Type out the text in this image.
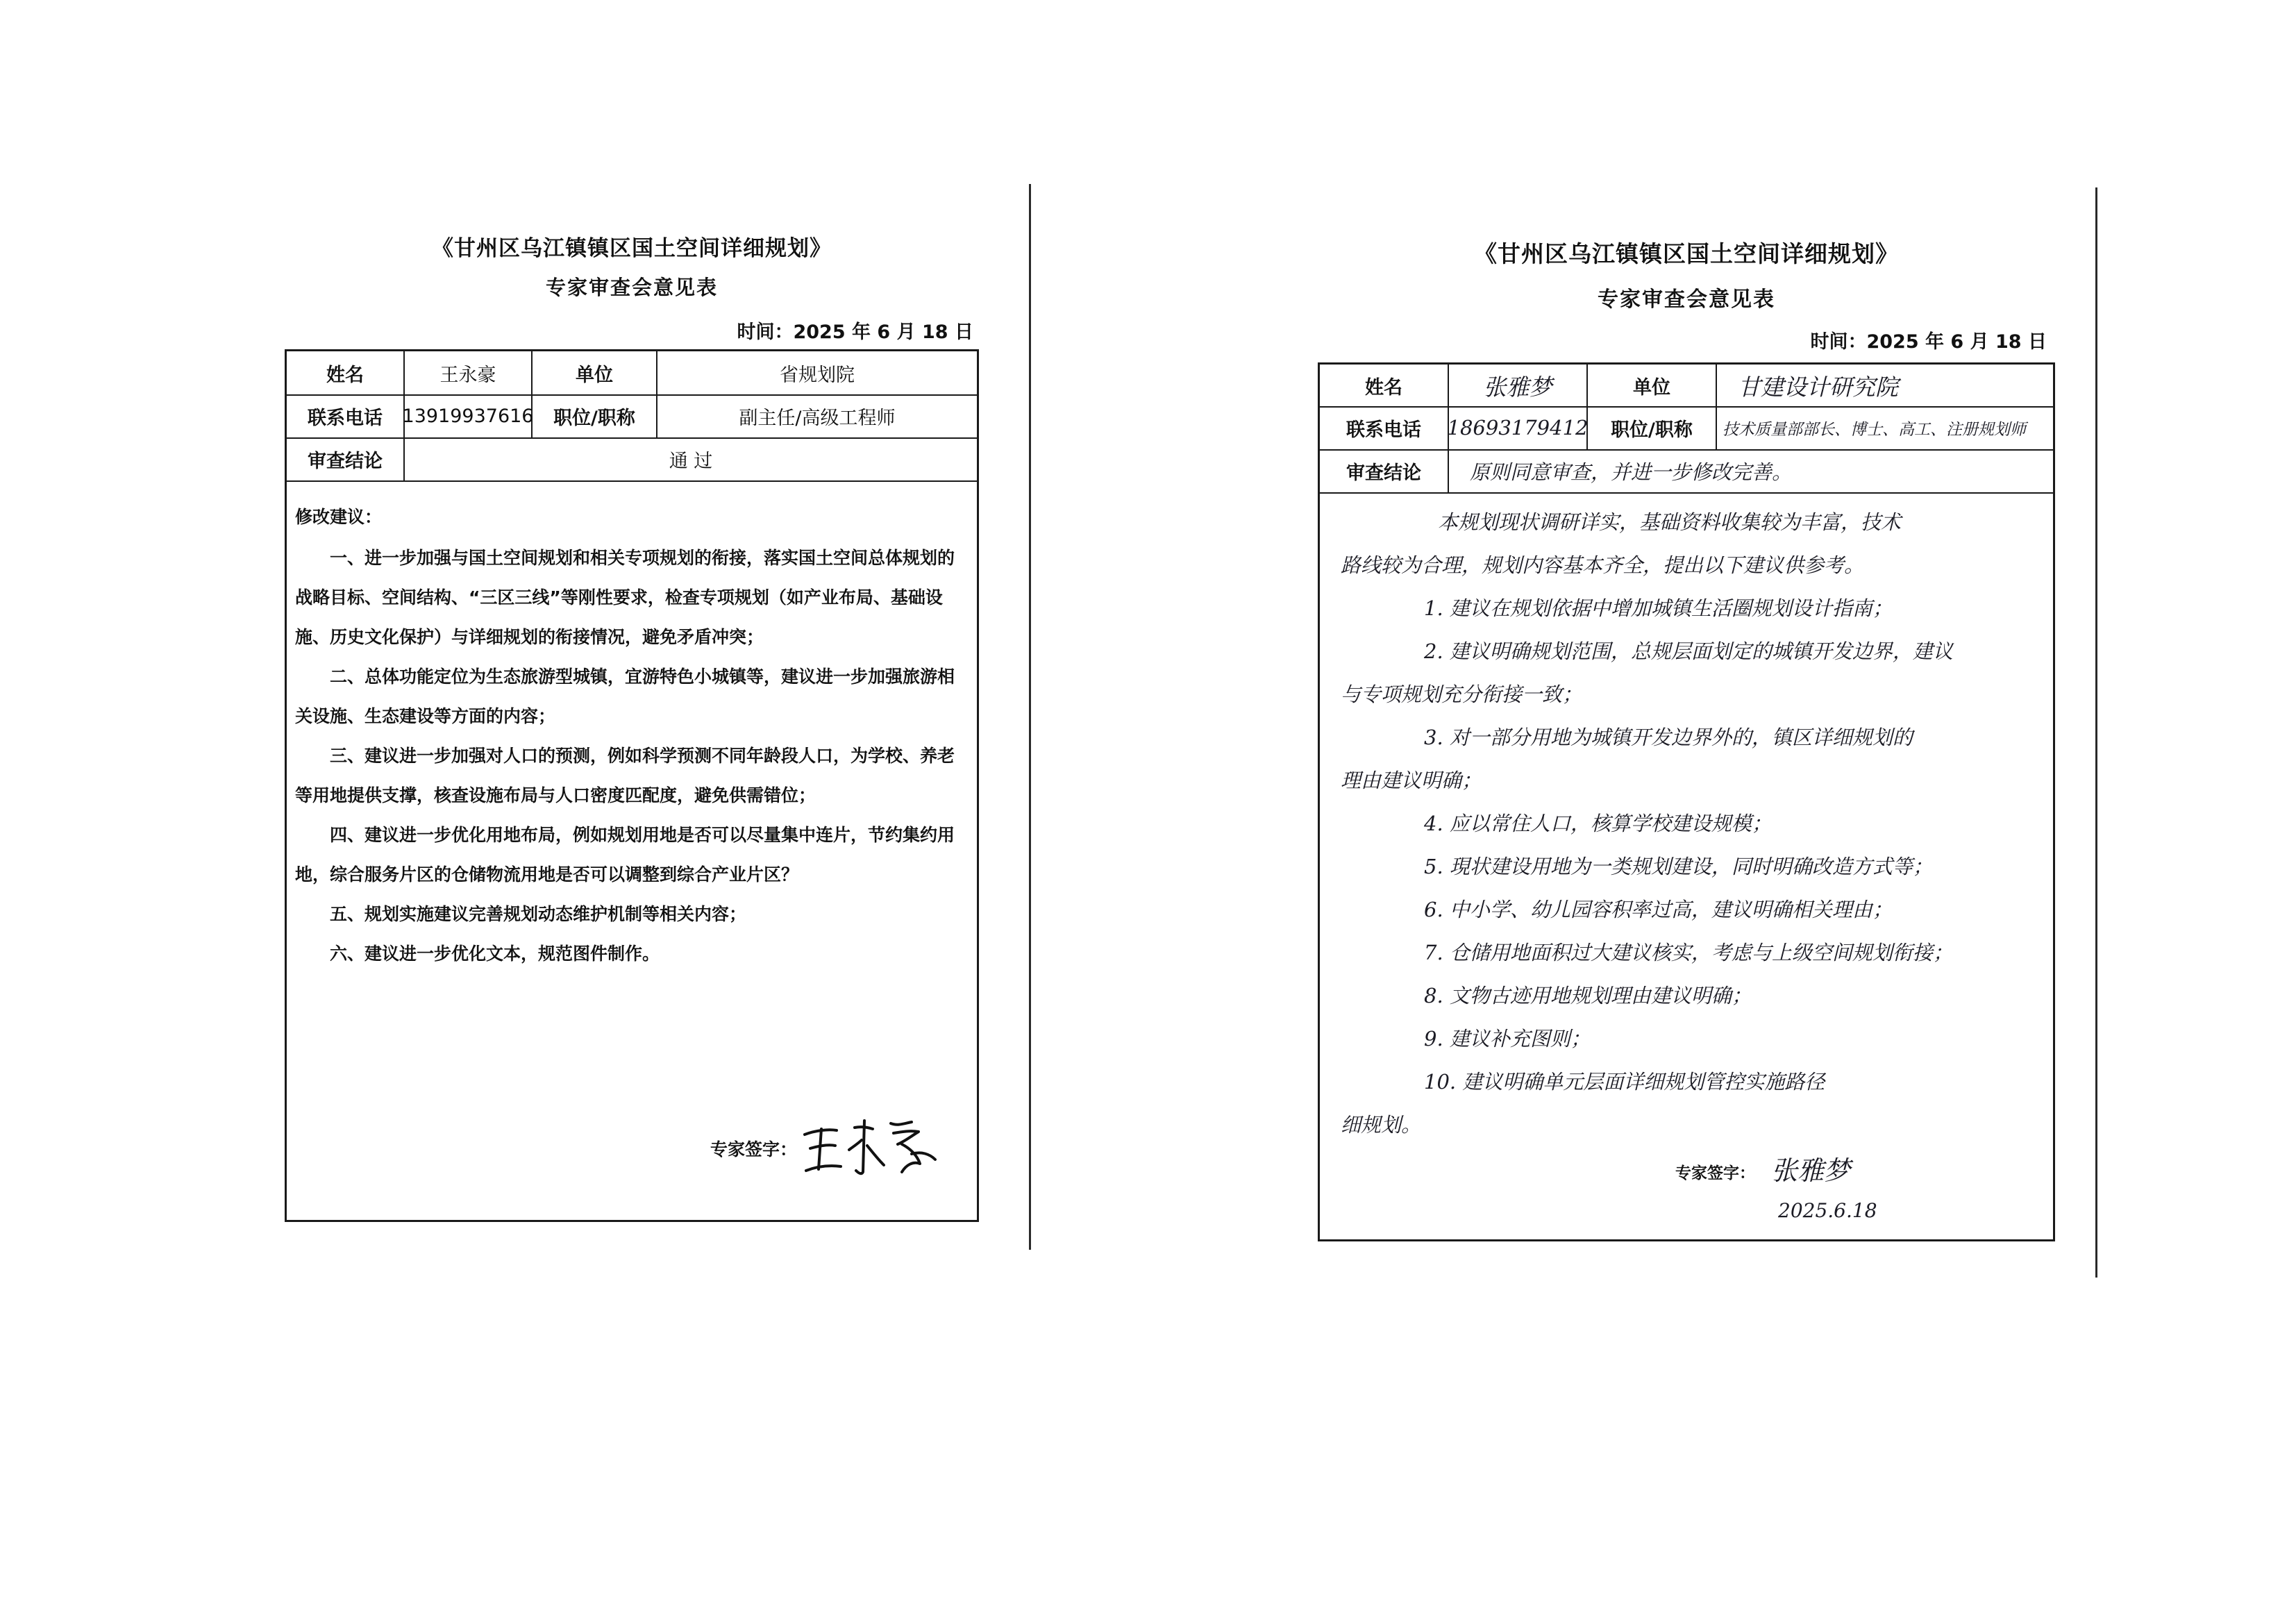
《甘州区乌江镇镇区国土空间详细规划》
专家审查会意见表
时间：2025 年 6 月 18 日
姓名	王永豪	单位	省规划院
联系电话	13919937616	职位/职称	副主任/高级工程师
审查结论	通 过

修改建议：

一、进一步加强与国土空间规划和相关专项规划的衔接，落实国土空间总体规划的战略目标、空间结构、“三区三线”等刚性要求，检查专项规划（如产业布局、基础设施、历史文化保护）与详细规划的衔接情况，避免矛盾冲突；

二、总体功能定位为生态旅游型城镇，宜游特色小城镇等，建议进一步加强旅游相关设施、生态建设等方面的内容；

三、建议进一步加强对人口的预测，例如科学预测不同年龄段人口，为学校、养老等用地提供支撑，核查设施布局与人口密度匹配度，避免供需错位；

四、建议进一步优化用地布局，例如规划用地是否可以尽量集中连片，节约集约用地，综合服务片区的仓储物流用地是否可以调整到综合产业片区？

五、规划实施建议完善规划动态维护机制等相关内容；

六、建议进一步优化文本，规范图件制作。

专家签字：
《甘州区乌江镇镇区国土空间详细规划》
专家审查会意见表
时间：2025 年 6 月 18 日
姓名	张雅梦	单位	甘建设计研究院
联系电话	18693179412	职位/职称	技术质量部部长、博士、高工、注册规划师
审查结论	原则同意审查，并进一步修改完善。

本规划现状调研详实，基础资料收集较为丰富，技术

路线较为合理，规划内容基本齐全，提出以下建议供参考。

1. 建议在规划依据中增加城镇生活圈规划设计指南；

2. 建议明确规划范围，总规层面划定的城镇开发边界，建议

与专项规划充分衔接一致；

3. 对一部分用地为城镇开发边界外的，镇区详细规划的

理由建议明确；

4. 应以常住人口，核算学校建设规模；

5. 現状建设用地为一类规划建设，同时明确改造方式等；

6. 中小学、幼儿园容积率过高，建议明确相关理由；

7. 仓储用地面积过大建议核实，考虑与上级空间规划衔接；

8. 文物古迹用地规划理由建议明确；

9. 建议补充图则；

10. 建议明确单元层面详细规划管控实施路径

细规划。

专家签字： 张雅梦
2025.6.18
